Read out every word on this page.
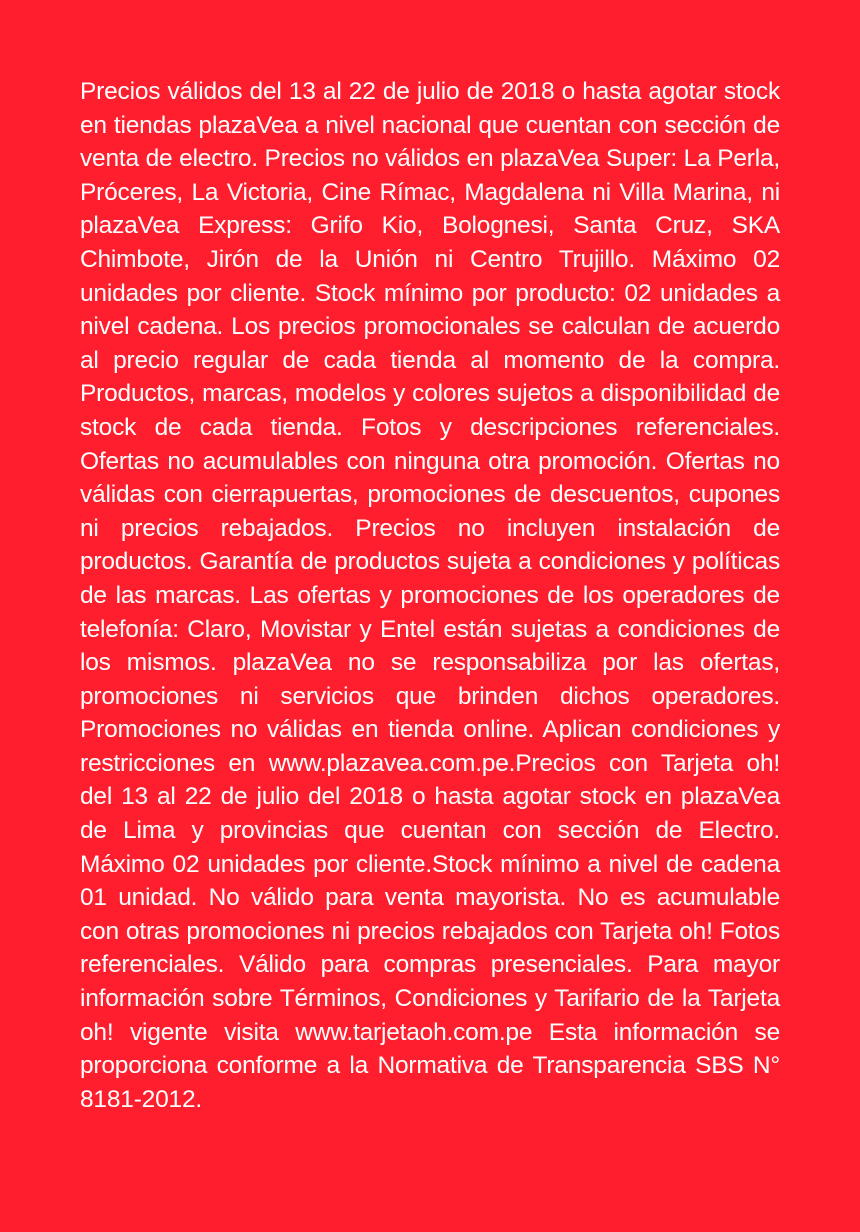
Precios válidos del 13 al 22 de julio de 2018 o hasta agotar stock en tiendas plazaVea a nivel nacional que cuentan con sección de venta de electro. Precios no válidos en plazaVea Super: La Perla, Próceres, La Victoria, Cine Rímac, Magdalena ni Villa Marina, ni plazaVea Express: Grifo Kio, Bolognesi, Santa Cruz, SKA Chimbote, Jirón de la Unión ni Centro Trujillo. Máximo 02 unidades por cliente. Stock mínimo por producto: 02 unidades a nivel cadena. Los precios promocionales se calculan de acuerdo al precio regular de cada tienda al momento de la compra. Productos, marcas, modelos y colores sujetos a disponibilidad de stock de cada tienda. Fotos y descripciones referenciales. Ofertas no acumulables con ninguna otra promoción. Ofertas no válidas con cierrapuertas, promociones de descuentos, cupones ni precios rebajados. Precios no incluyen instalación de productos. Garantía de productos sujeta a condiciones y políticas de las marcas. Las ofertas y promociones de los operadores de telefonía: Claro, Movistar y Entel están sujetas a condiciones de los mismos. plazaVea no se responsabiliza por las ofertas, promociones ni servicios que brinden dichos operadores. Promociones no válidas en tienda online. Aplican condiciones y restricciones en www.plazavea.com.pe.Precios con Tarjeta oh! del 13 al 22 de julio del 2018 o hasta agotar stock en plazaVea de Lima y provincias que cuentan con sección de Electro. Máximo 02 unidades por cliente.Stock mínimo a nivel de cadena 01 unidad. No válido para venta mayorista. No es acumulable con otras promociones ni precios rebajados con Tarjeta oh! Fotos referenciales. Válido para compras presenciales. Para mayor información sobre Términos, Condiciones y Tarifario de la Tarjeta oh! vigente visita www.tarjetaoh.com.pe Esta información se proporciona conforme a la Normativa de Transparencia SBS N° 8181-2012.
